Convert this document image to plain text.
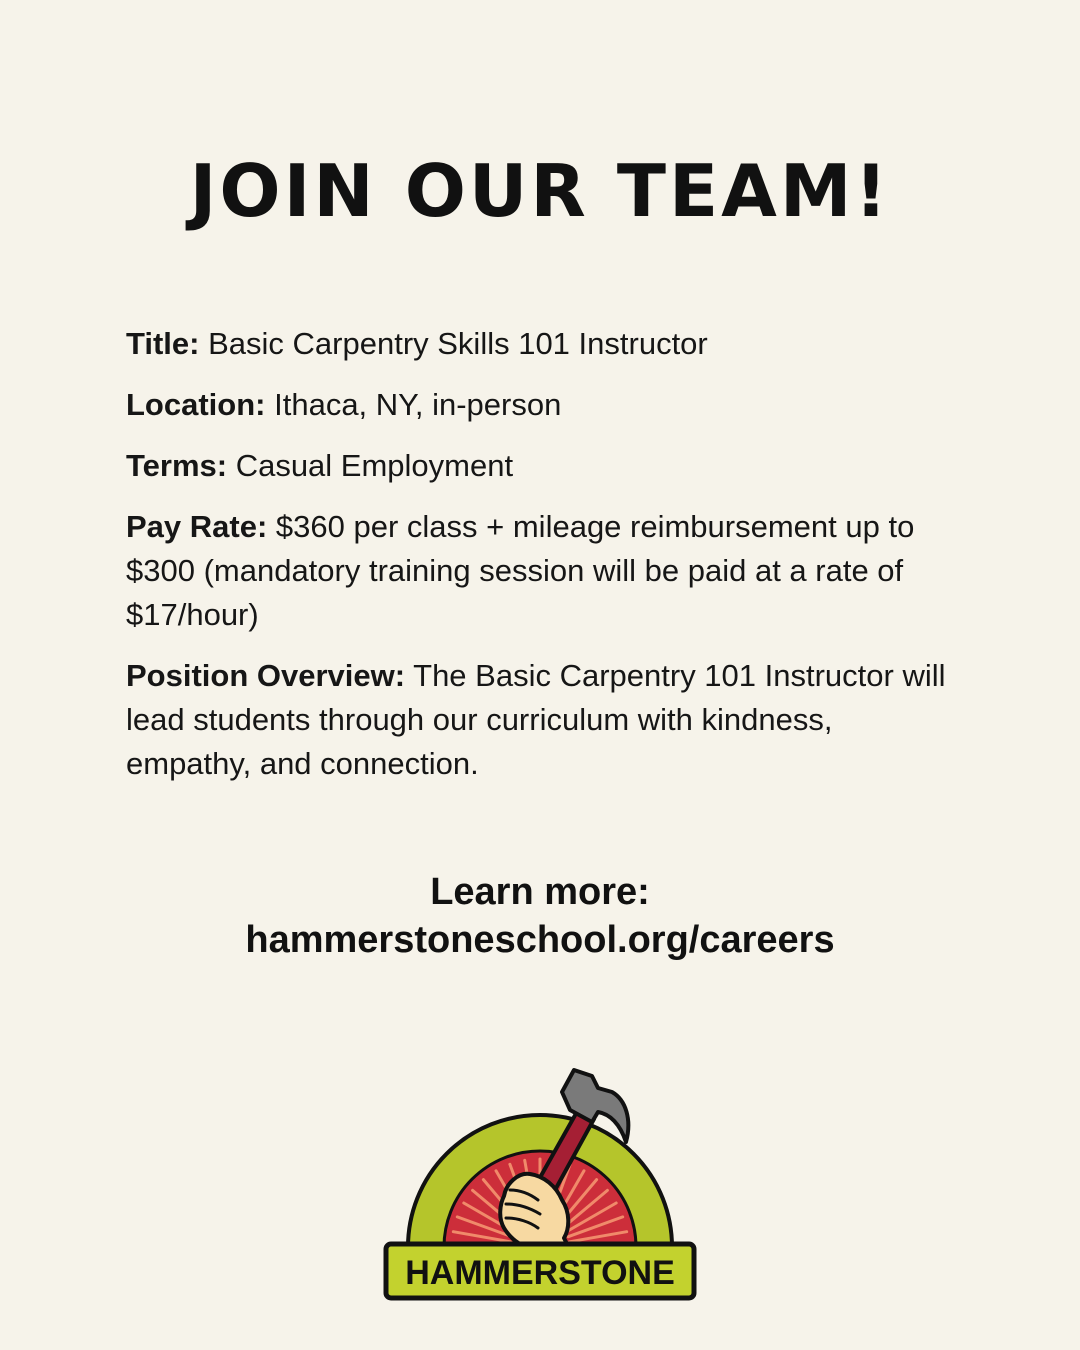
JOIN OUR TEAM!

Title: Basic Carpentry Skills 101 Instructor

Location: Ithaca, NY, in-person

Terms: Casual Employment

Pay Rate: $360 per class + mileage reimbursement up to $300 (mandatory training session will be paid at a rate of $17/hour)

Position Overview: The Basic Carpentry 101 Instructor will lead students through our curriculum with kindness, empathy, and connection.

Learn more:
hammerstoneschool.org/careers
HAMMERSTONE
